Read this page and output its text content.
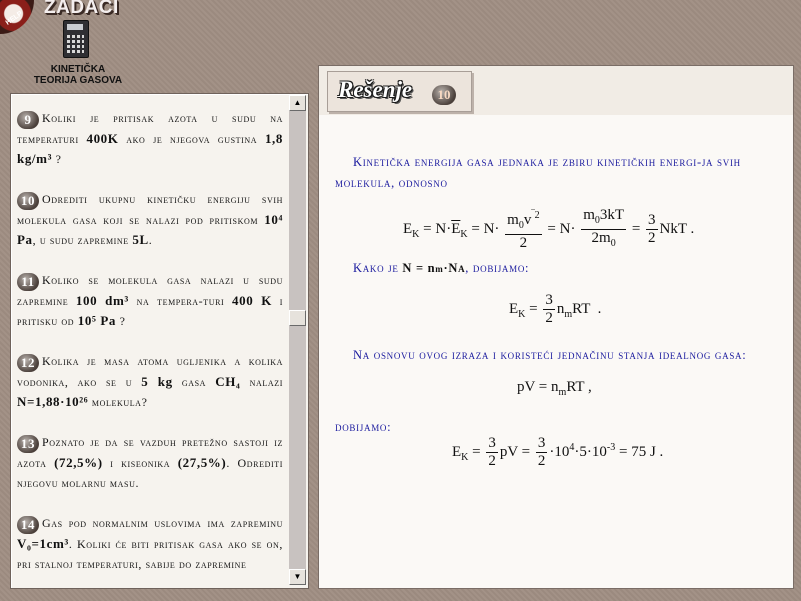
HELP
ZADACI
KINETIČKA
TEORIJA GASOVA
9 Koliki je pritisak azota u sudu na temperaturi 400K ako je njegova gustina 1,8 kg/m³ ?
10 Odrediti ukupnu kinetičku energiju svih molekula gasa koji se nalazi pod pritiskom 10⁴ Pa, u sudu zapremine 5L.
11 Koliko se molekula gasa nalazi u sudu zapremine 100 dm³ na tempera-turi 400 K i pritisku od 10⁵ Pa ?
12 Kolika je masa atoma ugljenika a kolika vodonika, ako se u 5 kg gasa CH₄ nalazi N=1,88·10²⁶ molekula?
13 Poznato je da se vazduh pretežno sastoji iz azota (72,5%) i kiseonika (27,5%). Odrediti njegovu molarnu masu.
14 Gas pod normalnim uslovima ima zapreminu V₀=1cm³. Koliki će biti pritisak gasa ako se on, pri stalnoj temperaturi, sabije do zapremine
▲
▼
Rešenje	10
Kinetička energija gasa jednaka je zbiru kinetičkih energi-ja svih molekula, odnosno
$E_K = N\cdot\overline{E}_K = N\cdot \frac{m_0v^{‾2}}{2} = N\cdot \frac{m_03kT}{2m_0} = \frac{3}{2}$ NkT .
Kako je N = nm·NA, dobijamo:
$E_K = \frac{3}{2} n_mRT$  .
Na osnovu ovog izraza i koristeći jednačinu stanja idealnog gasa:
pV = $n_mRT$ ,
dobijamo:
$E_K = \frac{3}{2}$ pV = $\frac{3}{2} \cdot 10^4\cdot 5\cdot 10^{-3} = 75$ J .
